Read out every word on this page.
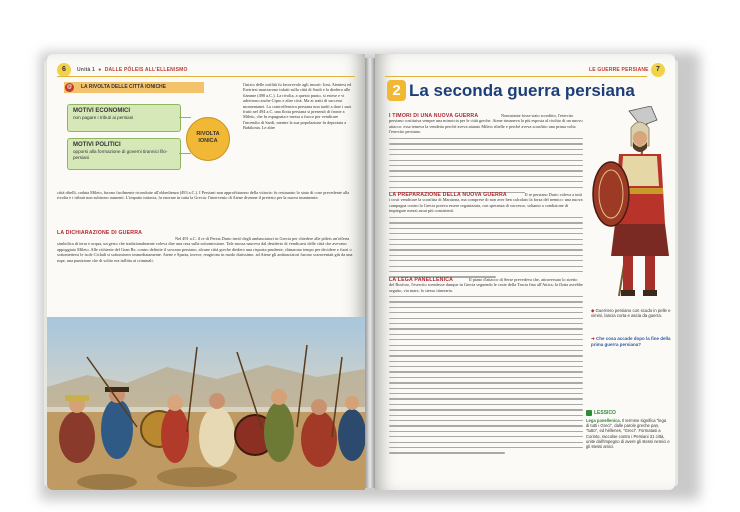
6	Unità 1 ● DALLE PÓLEIS ALL'ELLENISMO
LA RIVOLTA DELLE CITTÀ IONICHE
@
MOTIVI ECONOMICI
non pagare i tributi ai persiani
MOTIVI POLITICI
opporsi alla formazione di governi tirannici filo-persiani
RIVOLTA IONICA
l'inizio delle ostilità fu favorevole agli insorti: Ioni, Ateniesi ed Eretriesi marciarono infatti sulla città di Sardi e la diedero alle fiamme (498 a.C.). La rivolta, a questo punto, si estese e vi aderirono anche Cipro e altre città. Ma ai tratti di successi momentanei. La controffensiva persiana non tardò a dare i suoi frutti nel 494 a.C. una flotta persiana si presentò di fronte a Mileto, che fu espugnata e messa a fuoco per vendicare l'incendio di Sardi, mentre la sua popolazione fu deportata a Babilonia. Le altre
città ribelli, caduta Mileto, furono facilmente ricondotte all'obbedienza (493 a.C.). I Persiani non approfittarono della vittoria: fu restaurato lo stato di cose precedente alla rivolta e i tributi non subirono aumenti. L'impatto tuttavia, fu enorme in tutta la Grecia: l'intervento di Atene divenne il pretesto per la nuova imminente.
LA DICHIARAZIONE DI GUERRA
Nel 491 a.C. il re di Persia Dario inviò degli ambasciatori in Grecia per chiedere alle póleis un'offerta simbolica di terra e acqua, un gesto che tradizionalmente voleva dire una resa sulla sottomissione. Tale mossa nasceva dal desiderio di vendicarsi delle città che avevano appoggiato Mileto. Alle richieste del Gran Re, contro definite il sovrano persiano, alcune città greche diedero una risposta prudente, chinarono tempo per decidere e fuori o sottomettersi le isole Cicladi si sottomisero immediatamente. Atene e Sparta, invece, reagirono in modo durissimo: ad Atene gli ambasciatori furono scaraventati giù da una rupe, una punizione che di solito era inflitta ai criminali.
LE GUERRE PERSIANE	7
2 La seconda guerra persiana
I TIMORI DI UNA NUOVA GUERRA	Nonostante fosse stato sconfitto, l'esercito persiano costituiva sempre una minaccia per le città greche. Atene rimaneva la più esposta al rischio di un nuovo attacco: essa temeva la vendetta perché aveva aiutato Mileto ribelle e perché aveva sconfitto una prima volta l'esercito persiano.
LA PREPARAZIONE DELLA NUOVA GUERRA	Il re persiano Dario voleva a tutti i costi vendicare la sconfitta di Maratona, ma comprese di non aver ben calcolato la forza del nemico: una nuova campagna contro la Grecia poteva essere organizzata, con speranza di successo, soltanto a condizione di impiegare mezzi assai più consistenti.
LA LEGA PANELLENICA	Il piano d'attacco di Serse prevedeva che, attraversato lo stretto del Bosforo, l'esercito scendesse dunque in Grecia seguendo le coste della Tracia fino all'Attica; la flotta avrebbe seguito, via mare, lo stesso itinerario.
◆ Guerriero persiano con scudo in pelle e vimini, lancia corta e ascia da guerra.
➜ Che cosa accade dopo la fine della prima guerra persiana?
LESSICO
Lega panellenica. Il termine significa "lega di tutti i Greci", dalle parole greche pan, "tutto", ed héllenes, "Greci". Formatasi a Corinto, raccolse contro i Persiani 31 città, unite dall'impegno di avere gli stessi nemici e gli stessi amici.
